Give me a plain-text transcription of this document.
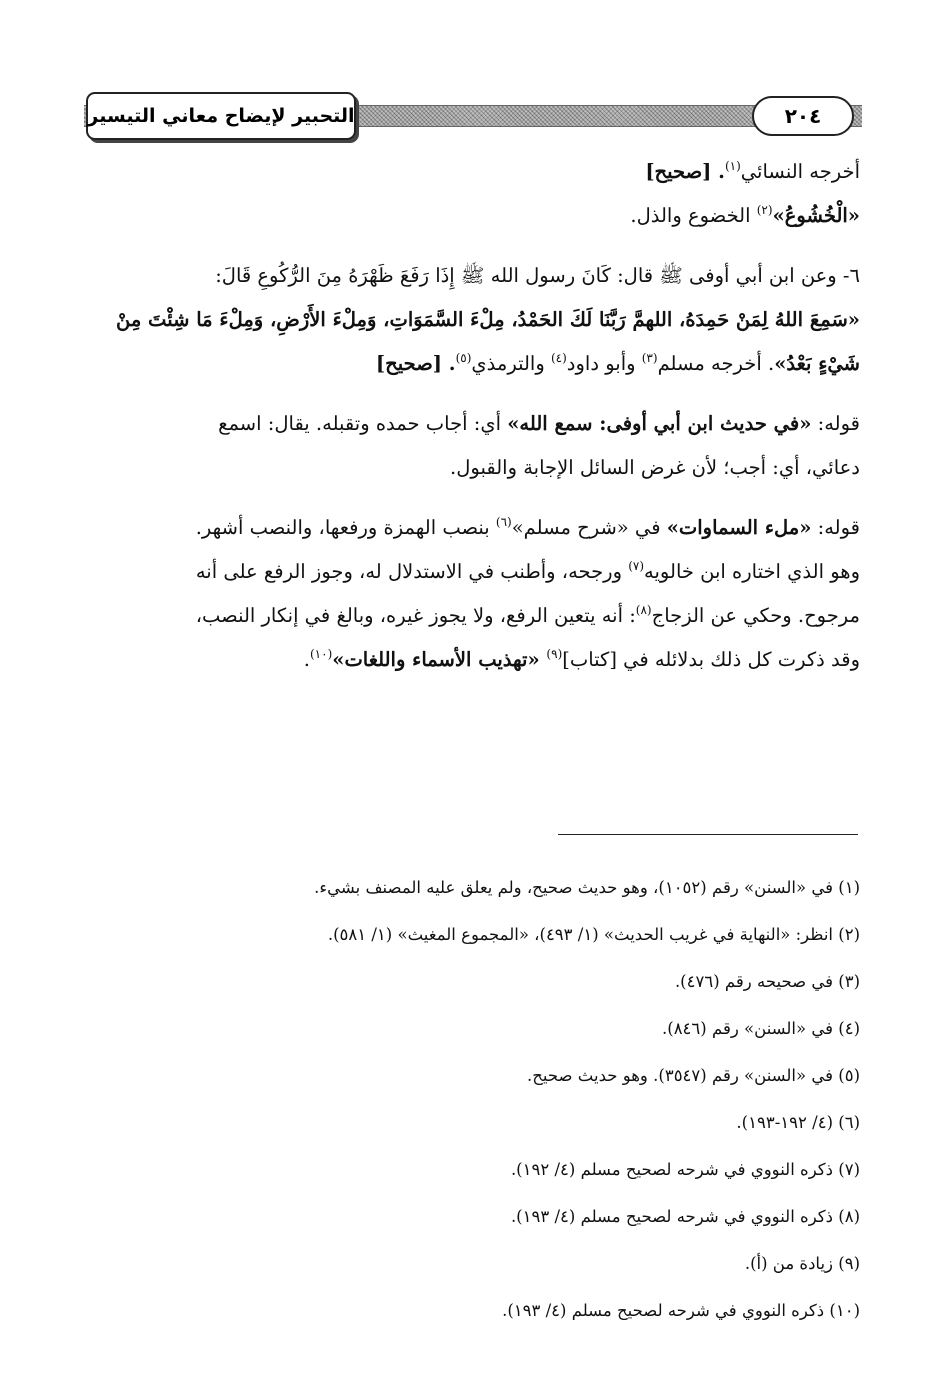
التحبير لإيضاح معاني التيسير	٢٠٤

أخرجه النسائي$^{(١)}$. [صحيح]

«الْخُشُوعُ»$^{(٢)}$ الخضوع والذل.

٦- وعن ابن أبي أوفى ﷺ قال: كَانَ رسول الله ﷺ إِذَا رَفَعَ ظَهْرَهُ مِنَ الرُّكُوعِ قَالَ:
«سَمِعَ اللهُ لِمَنْ حَمِدَهُ، اللهمَّ رَبَّنَا لَكَ الحَمْدُ، مِلْءَ السَّمَوَاتِ، وَمِلْءَ الأَرْضِ، وَمِلْءَ مَا شِئْتَ مِنْ
شَيْءٍ بَعْدُ». أخرجه مسلم$^{(٣)}$ وأبو داود$^{(٤)}$ والترمذي$^{(٥)}$. [صحيح]

قوله: «في حديث ابن أبي أوفى: سمع الله» أي: أجاب حمده وتقبله. يقال: اسمع
دعائي، أي: أجب؛ لأن غرض السائل الإجابة والقبول.

قوله: «ملء السماوات» في «شرح مسلم»$^{(٦)}$ بنصب الهمزة ورفعها، والنصب أشهر.
وهو الذي اختاره ابن خالويه$^{(٧)}$ ورجحه، وأطنب في الاستدلال له، وجوز الرفع على أنه
مرجوح. وحكي عن الزجاج$^{(٨)}$: أنه يتعين الرفع، ولا يجوز غيره، وبالغ في إنكار النصب،
وقد ذكرت كل ذلك بدلائله في [كتاب]$^{(٩)}$ «تهذيب الأسماء واللغات»$^{(١٠)}$.

(١) في «السنن» رقم (١٠٥٢)، وهو حديث صحيح، ولم يعلق عليه المصنف بشيء.
(٢) انظر: «النهاية في غريب الحديث» (١/ ٤٩٣)، «المجموع المغيث» (١/ ٥٨١).
(٣) في صحيحه رقم (٤٧٦).
(٤) في «السنن» رقم (٨٤٦).
(٥) في «السنن» رقم (٣٥٤٧). وهو حديث صحيح.
(٦) (٤/ ١٩٢-١٩٣).
(٧) ذكره النووي في شرحه لصحيح مسلم (٤/ ١٩٢).
(٨) ذكره النووي في شرحه لصحيح مسلم (٤/ ١٩٣).
(٩) زيادة من (أ).
(١٠) ذكره النووي في شرحه لصحيح مسلم (٤/ ١٩٣).
